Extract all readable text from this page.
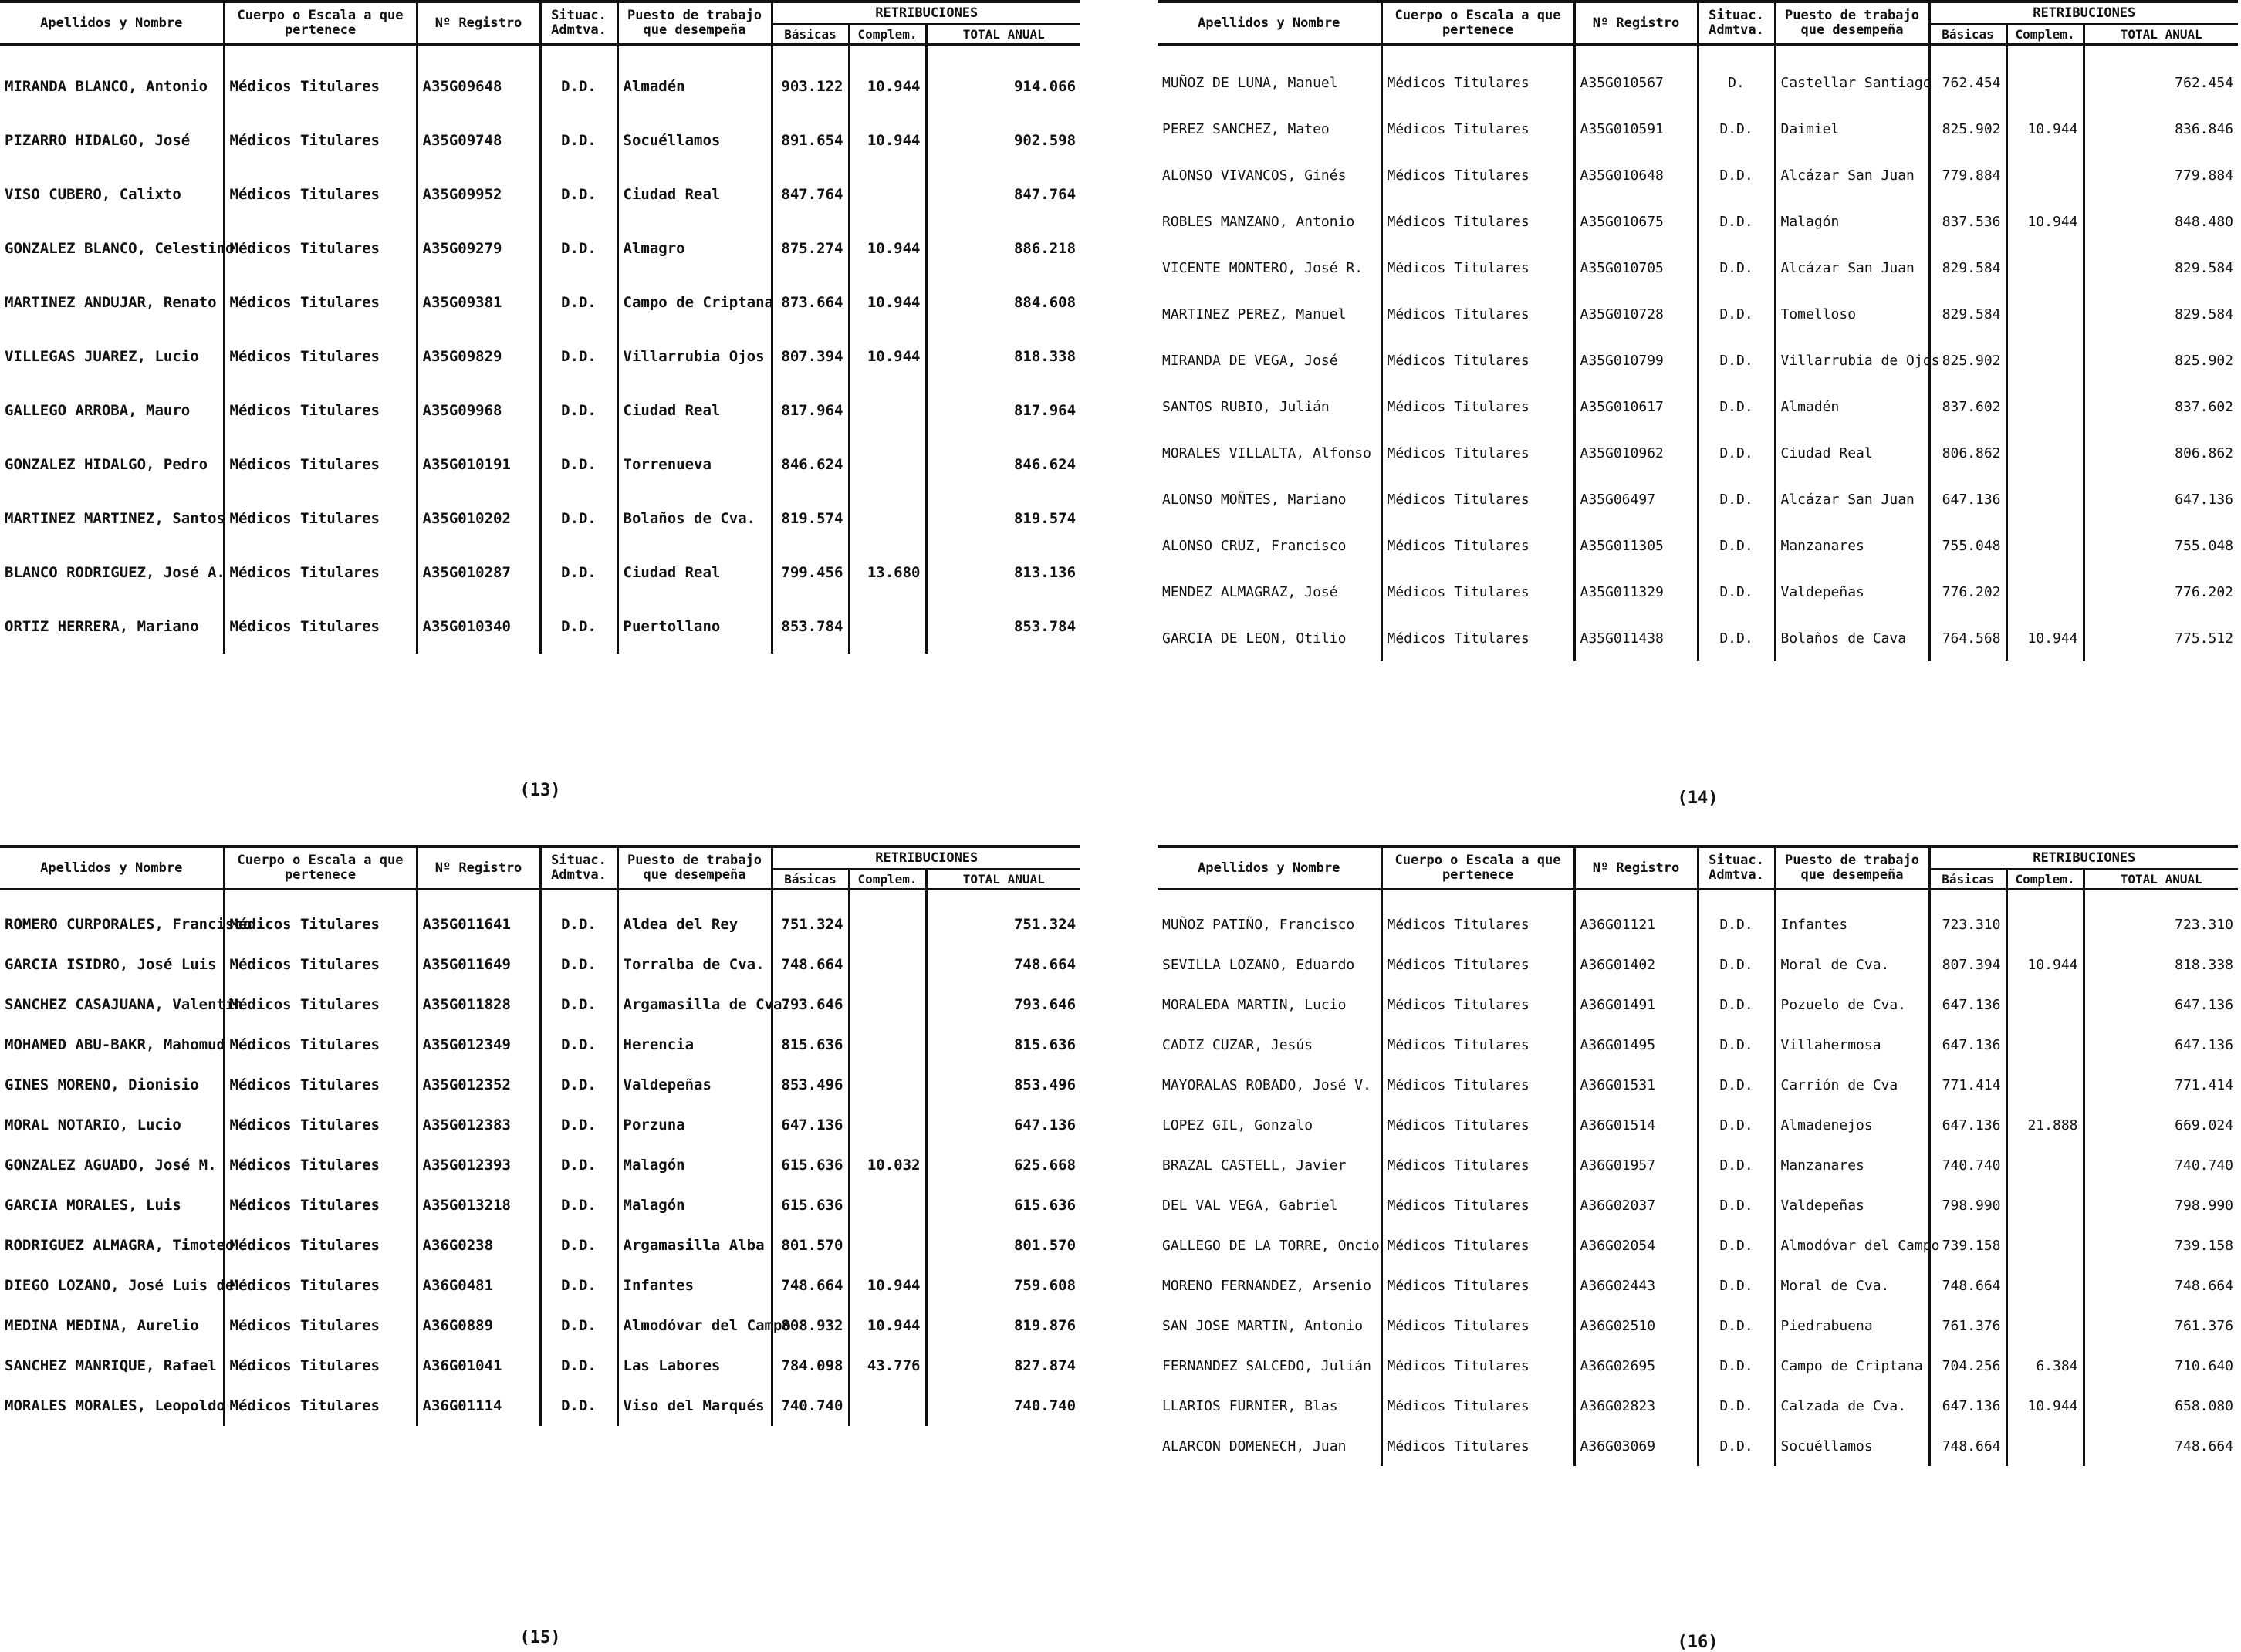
Apellidos y Nombre	Cuerpo o Escala a que pertenece	Nº Registro	Situac. Admtva.	Puesto de trabajo que desempeña	RETRIBUCIONES		
					Básicas	Complem.	TOTAL ANUAL
MIRANDA BLANCO, Antonio	Médicos Titulares	A35G09648	D.D.	Almadén	903.122	10.944	914.066
PIZARRO HIDALGO, José	Médicos Titulares	A35G09748	D.D.	Socuéllamos	891.654	10.944	902.598
VISO CUBERO, Calixto	Médicos Titulares	A35G09952	D.D.	Ciudad Real	847.764		847.764
GONZALEZ BLANCO, Celestino	Médicos Titulares	A35G09279	D.D.	Almagro	875.274	10.944	886.218
MARTINEZ ANDUJAR, Renato	Médicos Titulares	A35G09381	D.D.	Campo de Criptana	873.664	10.944	884.608
VILLEGAS JUAREZ, Lucio	Médicos Titulares	A35G09829	D.D.	Villarrubia Ojos	807.394	10.944	818.338
GALLEGO ARROBA, Mauro	Médicos Titulares	A35G09968	D.D.	Ciudad Real	817.964		817.964
GONZALEZ HIDALGO, Pedro	Médicos Titulares	A35G010191	D.D.	Torrenueva	846.624		846.624
MARTINEZ MARTINEZ, Santos	Médicos Titulares	A35G010202	D.D.	Bolaños de Cva.	819.574		819.574
BLANCO RODRIGUEZ, José A.	Médicos Titulares	A35G010287	D.D.	Ciudad Real	799.456	13.680	813.136
ORTIZ HERRERA, Mariano	Médicos Titulares	A35G010340	D.D.	Puertollano	853.784		853.784
(13)
Apellidos y Nombre	Cuerpo o Escala a que pertenece	Nº Registro	Situac. Admtva.	Puesto de trabajo que desempeña	RETRIBUCIONES		
					Básicas	Complem.	TOTAL ANUAL
MUÑOZ DE LUNA, Manuel	Médicos Titulares	A35G010567	D.	Castellar Santiago	762.454		762.454
PEREZ SANCHEZ, Mateo	Médicos Titulares	A35G010591	D.D.	Daimiel	825.902	10.944	836.846
ALONSO VIVANCOS, Ginés	Médicos Titulares	A35G010648	D.D.	Alcázar San Juan	779.884		779.884
ROBLES MANZANO, Antonio	Médicos Titulares	A35G010675	D.D.	Malagón	837.536	10.944	848.480
VICENTE MONTERO, José R.	Médicos Titulares	A35G010705	D.D.	Alcázar San Juan	829.584		829.584
MARTINEZ PEREZ, Manuel	Médicos Titulares	A35G010728	D.D.	Tomelloso	829.584		829.584
MIRANDA DE VEGA, José	Médicos Titulares	A35G010799	D.D.	Villarrubia de Ojos	825.902		825.902
SANTOS RUBIO, Julián	Médicos Titulares	A35G010617	D.D.	Almadén	837.602		837.602
MORALES VILLALTA, Alfonso	Médicos Titulares	A35G010962	D.D.	Ciudad Real	806.862		806.862
ALONSO MOÑTES, Mariano	Médicos Titulares	A35G06497	D.D.	Alcázar San Juan	647.136		647.136
ALONSO CRUZ, Francisco	Médicos Titulares	A35G011305	D.D.	Manzanares	755.048		755.048
MENDEZ ALMAGRAZ, José	Médicos Titulares	A35G011329	D.D.	Valdepeñas	776.202		776.202
GARCIA DE LEON, Otilio	Médicos Titulares	A35G011438	D.D.	Bolaños de Cava	764.568	10.944	775.512
(14)
Apellidos y Nombre	Cuerpo o Escala a que pertenece	Nº Registro	Situac. Admtva.	Puesto de trabajo que desempeña	RETRIBUCIONES		
					Básicas	Complem.	TOTAL ANUAL
ROMERO CURPORALES, Francisco	Médicos Titulares	A35G011641	D.D.	Aldea del Rey	751.324		751.324
GARCIA ISIDRO, José Luis	Médicos Titulares	A35G011649	D.D.	Torralba de Cva.	748.664		748.664
SANCHEZ CASAJUANA, Valentín	Médicos Titulares	A35G011828	D.D.	Argamasilla de Cva.	793.646		793.646
MOHAMED ABU-BAKR, Mahomud	Médicos Titulares	A35G012349	D.D.	Herencia	815.636		815.636
GINES MORENO, Dionisio	Médicos Titulares	A35G012352	D.D.	Valdepeñas	853.496		853.496
MORAL NOTARIO, Lucio	Médicos Titulares	A35G012383	D.D.	Porzuna	647.136		647.136
GONZALEZ AGUADO, José M.	Médicos Titulares	A35G012393	D.D.	Malagón	615.636	10.032	625.668
GARCIA MORALES, Luis	Médicos Titulares	A35G013218	D.D.	Malagón	615.636		615.636
RODRIGUEZ ALMAGRA, Timoteo	Médicos Titulares	A36G0238	D.D.	Argamasilla Alba	801.570		801.570
DIEGO LOZANO, José Luis de	Médicos Titulares	A36G0481	D.D.	Infantes	748.664	10.944	759.608
MEDINA MEDINA, Aurelio	Médicos Titulares	A36G0889	D.D.	Almodóvar del Campo	808.932	10.944	819.876
SANCHEZ MANRIQUE, Rafael	Médicos Titulares	A36G01041	D.D.	Las Labores	784.098	43.776	827.874
MORALES MORALES, Leopoldo	Médicos Titulares	A36G01114	D.D.	Viso del Marqués	740.740		740.740
(15)
Apellidos y Nombre	Cuerpo o Escala a que pertenece	Nº Registro	Situac. Admtva.	Puesto de trabajo que desempeña	RETRIBUCIONES		
					Básicas	Complem.	TOTAL ANUAL
MUÑOZ PATIÑO, Francisco	Médicos Titulares	A36G01121	D.D.	Infantes	723.310		723.310
SEVILLA LOZANO, Eduardo	Médicos Titulares	A36G01402	D.D.	Moral de Cva.	807.394	10.944	818.338
MORALEDA MARTIN, Lucio	Médicos Titulares	A36G01491	D.D.	Pozuelo de Cva.	647.136		647.136
CADIZ CUZAR, Jesús	Médicos Titulares	A36G01495	D.D.	Villahermosa	647.136		647.136
MAYORALAS ROBADO, José V.	Médicos Titulares	A36G01531	D.D.	Carrión de Cva	771.414		771.414
LOPEZ GIL, Gonzalo	Médicos Titulares	A36G01514	D.D.	Almadenejos	647.136	21.888	669.024
BRAZAL CASTELL, Javier	Médicos Titulares	A36G01957	D.D.	Manzanares	740.740		740.740
DEL VAL VEGA, Gabriel	Médicos Titulares	A36G02037	D.D.	Valdepeñas	798.990		798.990
GALLEGO DE LA TORRE, Oncio	Médicos Titulares	A36G02054	D.D.	Almodóvar del Campo	739.158		739.158
MORENO FERNANDEZ, Arsenio	Médicos Titulares	A36G02443	D.D.	Moral de Cva.	748.664		748.664
SAN JOSE MARTIN, Antonio	Médicos Titulares	A36G02510	D.D.	Piedrabuena	761.376		761.376
FERNANDEZ SALCEDO, Julián	Médicos Titulares	A36G02695	D.D.	Campo de Criptana	704.256	6.384	710.640
LLARIOS FURNIER, Blas	Médicos Titulares	A36G02823	D.D.	Calzada de Cva.	647.136	10.944	658.080
ALARCON DOMENECH, Juan	Médicos Titulares	A36G03069	D.D.	Socuéllamos	748.664		748.664
(16)
